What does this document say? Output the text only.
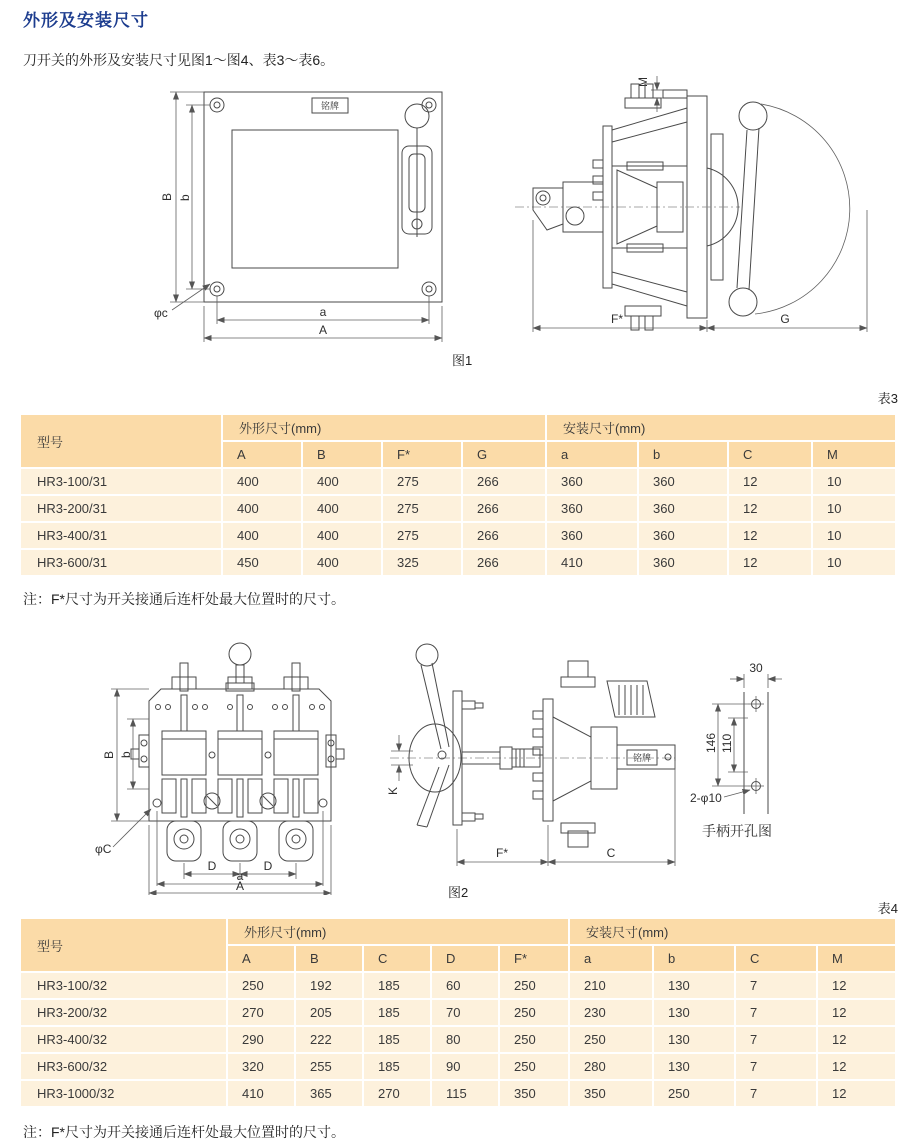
外形及安装尺寸

刀开关的外形及安装尺寸见图1～图4、表3～表6。

铭牌
B b
φc	a
A
M
F*	G
图1
表3
型号	外形尺寸(mm)				安装尺寸(mm)			
	A	B	F*	G	a	b	C	M
HR3-100/31	400	400	275	266	360	360	12	10
HR3-200/31	400	400	275	266	360	360	12	10
HR3-400/31	400	400	275	266	360	360	12	10
HR3-600/31	450	400	325	266	410	360	12	10

注：F*尺寸为开关接通后连杆处最大位置时的尺寸。

B b
φC
D	D
a
A
铭牌
K
F*	C
30
146 110
2-φ10
手柄开孔图
图2
表4
型号	外形尺寸(mm)					安装尺寸(mm)			
	A	B	C	D	F*	a	b	C	M
HR3-100/32	250	192	185	60	250	210	130	7	12
HR3-200/32	270	205	185	70	250	230	130	7	12
HR3-400/32	290	222	185	80	250	250	130	7	12
HR3-600/32	320	255	185	90	250	280	130	7	12
HR3-1000/32	410	365	270	115	350	350	250	7	12

注：F*尺寸为开关接通后连杆处最大位置时的尺寸。
